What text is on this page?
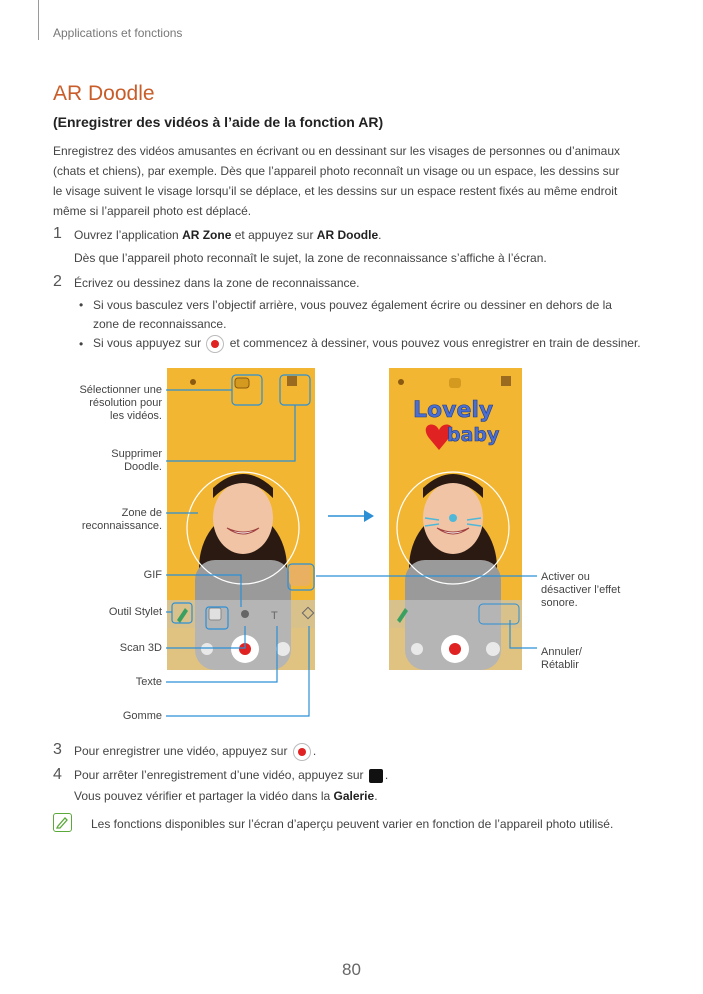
Applications et fonctions
AR Doodle
(Enregistrer des vidéos à l’aide de la fonction AR)
Enregistrez des vidéos amusantes en écrivant ou en dessinant sur les visages de personnes ou d’animaux
(chats et chiens), par exemple. Dès que l’appareil photo reconnaît un visage ou un espace, les dessins sur
le visage suivent le visage lorsqu’il se déplace, et les dessins sur un espace restent fixés au même endroit
même si l’appareil photo est déplacé.
1 Ouvrez l’application AR Zone et appuyez sur AR Doodle.
Dès que l’appareil photo reconnaît le sujet, la zone de reconnaissance s’affiche à l’écran.
2 Écrivez ou dessinez dans la zone de reconnaissance.
• Si vous basculez vers l’objectif arrière, vous pouvez également écrire ou dessiner en dehors de la
zone de reconnaissance.
• Si vous appuyez sur et commencez à dessiner, vous pouvez vous enregistrer en train de dessiner.
T
Lovely
baby
Sélectionner une
résolution pour
les vidéos.
Supprimer
Doodle.
Zone de
reconnaissance.
GIF
Outil Stylet
Scan 3D
Texte
Gomme
Activer ou
désactiver l’effet
sonore.
Annuler/
Rétablir
3 Pour enregistrer une vidéo, appuyez sur .
4 Pour arrêter l’enregistrement d’une vidéo, appuyez sur .
Vous pouvez vérifier et partager la vidéo dans la Galerie.
Les fonctions disponibles sur l’écran d’aperçu peuvent varier en fonction de l’appareil photo utilisé.
80
